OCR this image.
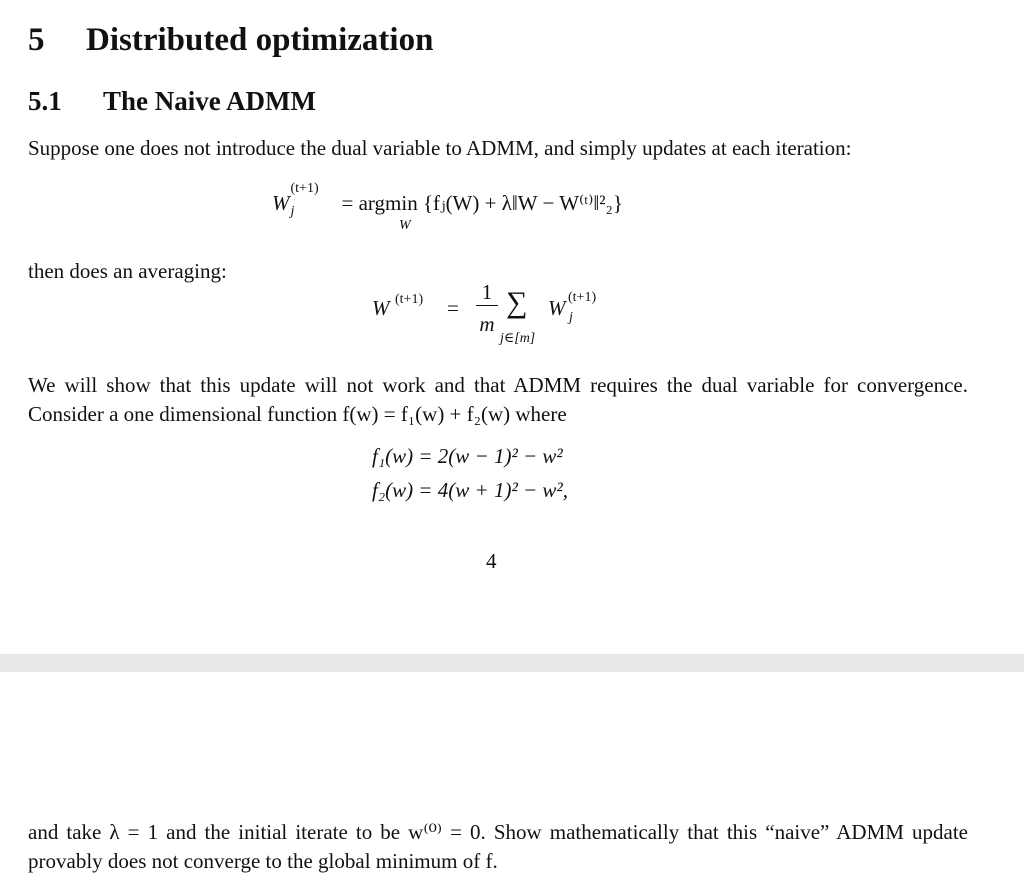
5 Distributed optimization
5.1 The Naive ADMM
Suppose one does not introduce the dual variable to ADMM, and simply updates at each iteration:
W
(t+1)
j = argmin {fⱼ(W) + λ‖W − W⁽ᵗ⁾‖²₂}
W
then does an averaging:
W (t+1) =
1
m
∑
j∈[m]
W (t+1)
j
We will show that this update will not work and that ADMM requires the dual variable for convergence. Consider a one dimensional function f(w) = f₁(w) + f₂(w) where
f₁(w) = 2(w − 1)² − w²
f₂(w) = 4(w + 1)² − w²,
4
and take λ = 1 and the initial iterate to be w⁽⁰⁾ = 0. Show mathematically that this “naive” ADMM update provably does not converge to the global minimum of f.
